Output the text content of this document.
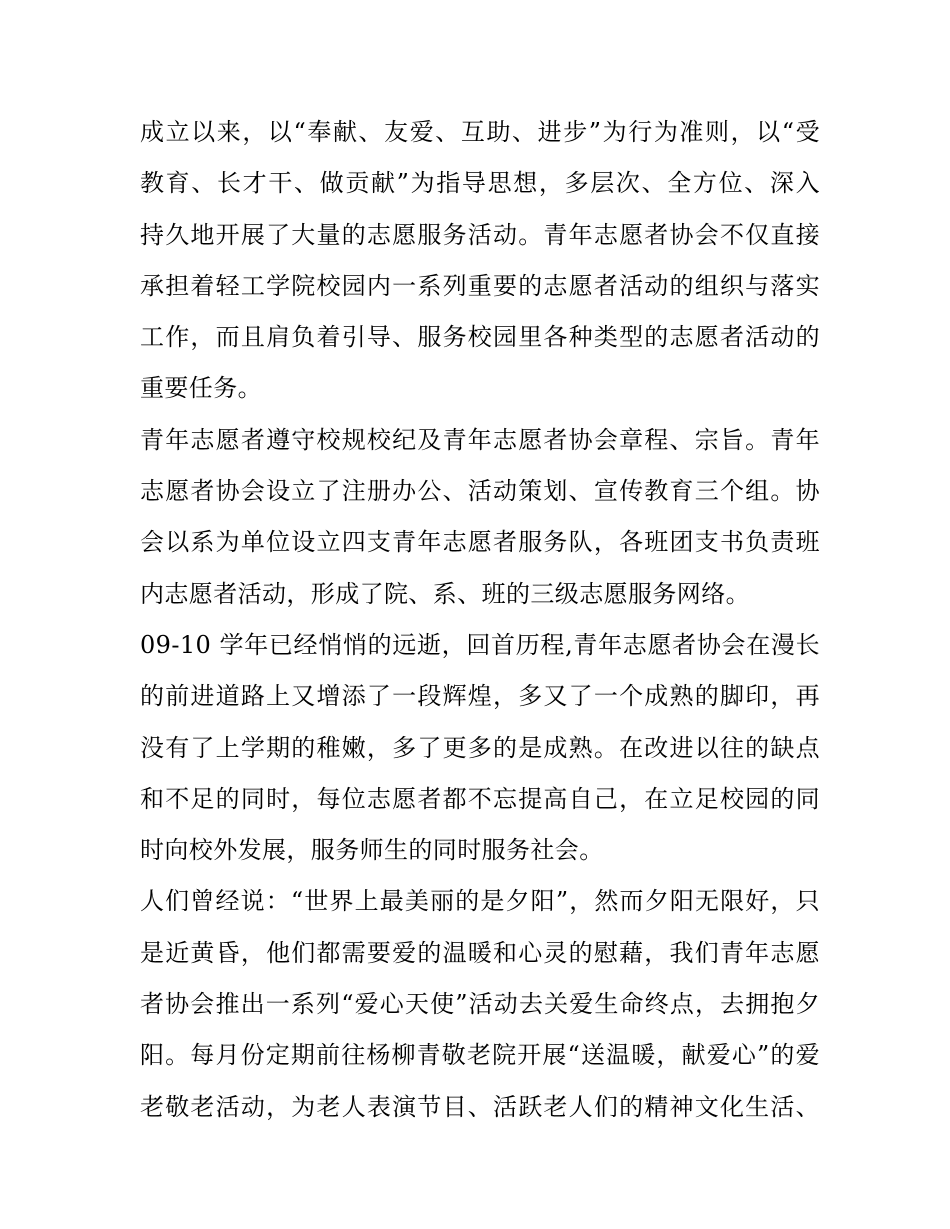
成立以来，以“奉献、友爱、互助、进步”为行为准则，以“受
教育、长才干、做贡献”为指导思想，多层次、全方位、深入
持久地开展了大量的志愿服务活动。青年志愿者协会不仅直接
承担着轻工学院校园内一系列重要的志愿者活动的组织与落实
工作，而且肩负着引导、服务校园里各种类型的志愿者活动的
重要任务。
青年志愿者遵守校规校纪及青年志愿者协会章程、宗旨。青年
志愿者协会设立了注册办公、活动策划、宣传教育三个组。协
会以系为单位设立四支青年志愿者服务队，各班团支书负责班
内志愿者活动，形成了院、系、班的三级志愿服务网络。
09-10 学年已经悄悄的远逝，回首历程,青年志愿者协会在漫长
的前进道路上又增添了一段辉煌，多又了一个成熟的脚印，再
没有了上学期的稚嫩，多了更多的是成熟。在改进以往的缺点
和不足的同时，每位志愿者都不忘提高自己，在立足校园的同
时向校外发展，服务师生的同时服务社会。
人们曾经说：“世界上最美丽的是夕阳”，然而夕阳无限好，只
是近黄昏，他们都需要爱的温暖和心灵的慰藉，我们青年志愿
者协会推出一系列“爱心天使”活动去关爱生命终点，去拥抱夕
阳。每月份定期前往杨柳青敬老院开展“送温暖，献爱心”的爱
老敬老活动，为老人表演节目、活跃老人们的精神文化生活、
